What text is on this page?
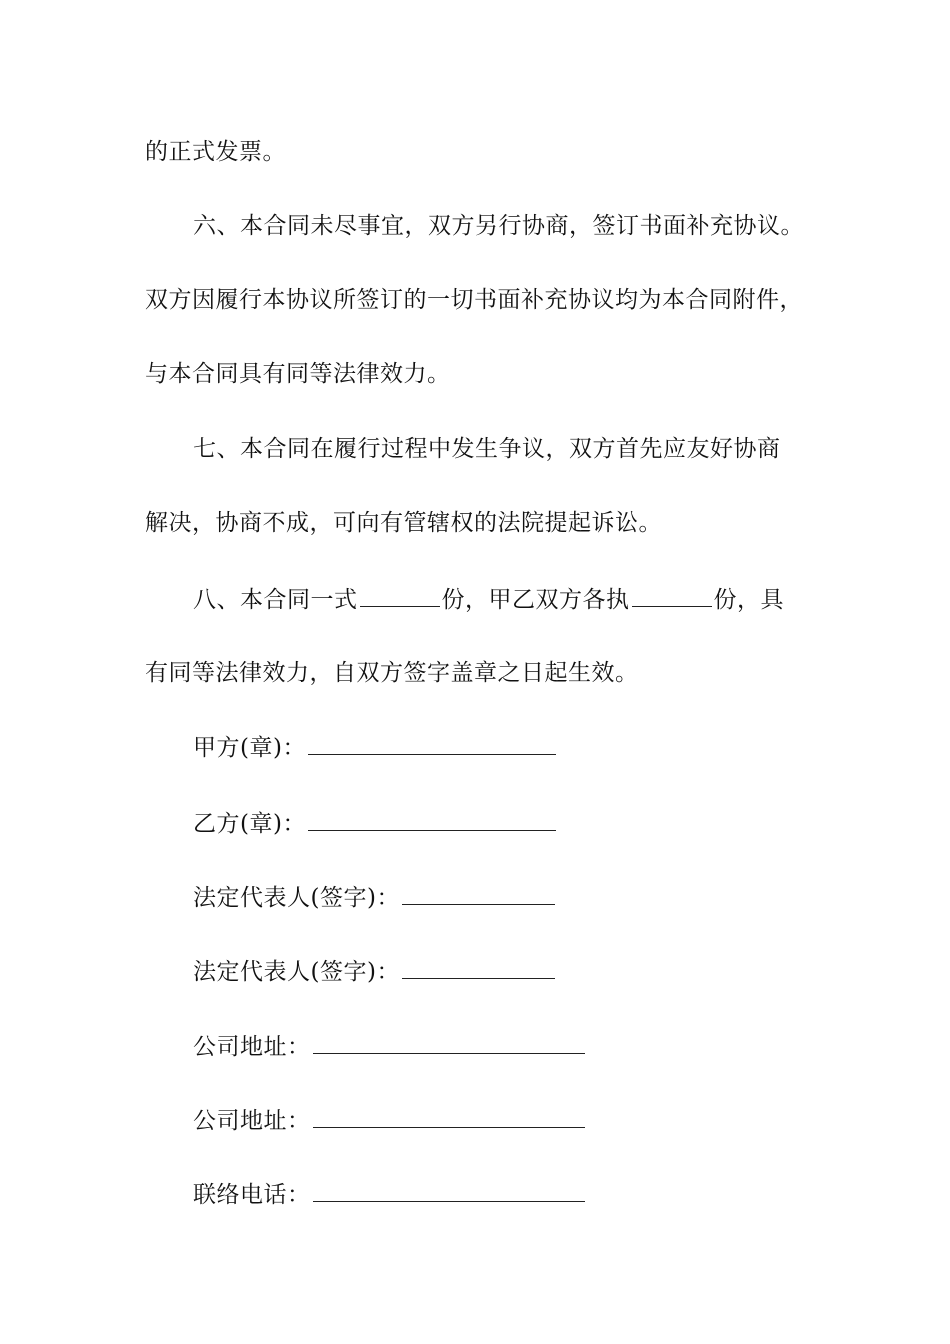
的正式发票。
六、本合同未尽事宜，双方另行协商，签订书面补充协议。
双方因履行本协议所签订的一切书面补充协议均为本合同附件，
与本合同具有同等法律效力。
七、本合同在履行过程中发生争议，双方首先应友好协商
解决，协商不成，可向有管辖权的法院提起诉讼。
八、本合同一式	份，甲乙双方各执	份，具
有同等法律效力，自双方签字盖章之日起生效。
甲方(章)：
乙方(章)：
法定代表人(签字)：
法定代表人(签字)：
公司地址：
公司地址：
联络电话：
